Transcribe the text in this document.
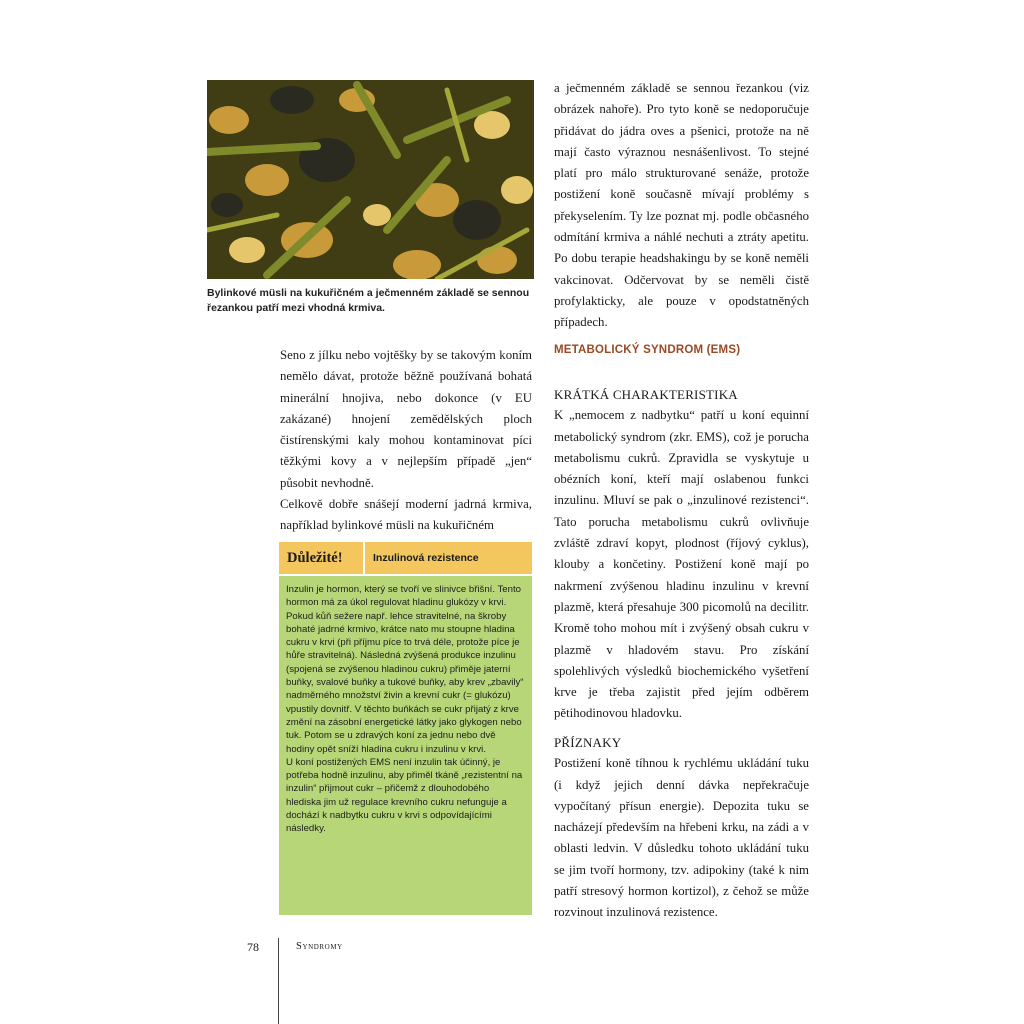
Bylinkové müsli na kukuřičném a ječmenném základě se sennou řezankou patří mezi vhodná krmiva.

Seno z jílku nebo vojtěšky by se takovým koním nemělo dávat, protože běžně používaná bohatá minerální hnojiva, nebo dokonce (v EU zakázané) hnojení zemědělských ploch čistírenskými kaly mohou kontaminovat píci těžkými kovy a v nejlepším případě „jen“ působit nevhodně.

Celkově dobře snášejí moderní jadrná krmiva, například bylinkové müsli na kukuřičném

Důležité!	Inzulinová rezistence

Inzulin je hormon, který se tvoří ve slinivce břišní. Tento hormon má za úkol regulovat hladinu glukózy v krvi. Pokud kůň sežere např. lehce stravitelné, na škroby bohaté jadrné krmivo, krátce nato mu stoupne hladina cukru v krvi (při příjmu píce to trvá déle, protože píce je hůře stravitelná). Následná zvýšená produkce inzulinu (spojená se zvýšenou hladinou cukru) přiměje jaterní buňky, svalové buňky a tukové buňky, aby krev „zbavily“ nadměrného množství živin a krevní cukr (= glukózu) vpustily dovnitř. V těchto buňkách se cukr přijatý z krve změní na zásobní energetické látky jako glykogen nebo tuk. Potom se u zdravých koní za jednu nebo dvě hodiny opět sníží hladina cukru i inzulinu v krvi.

U koní postižených EMS není inzulin tak účinný, je potřeba hodně inzulinu, aby přiměl tkáně „rezistentní na inzulin“ přijmout cukr – přičemž z dlouhodobého hlediska jim už regulace krevního cukru nefunguje a dochází k nadbytku cukru v krvi s odpovídajícími následky.

a ječmenném základě se sennou řezankou (viz obrázek nahoře). Pro tyto koně se nedoporučuje přidávat do jádra oves a pšenici, protože na ně mají často výraznou nesnášenlivost. To stejné platí pro málo strukturované senáže, protože postižení koně současně mívají problémy s překyselením. Ty lze poznat mj. podle občasného odmítání krmiva a náhlé nechuti a ztráty apetitu. Po dobu terapie headshakingu by se koně neměli vakcinovat. Odčervovat by se neměli čistě profylakticky, ale pouze v opodstatněných případech.

METABOLICKÝ SYNDROM (EMS)

KRÁTKÁ CHARAKTERISTIKA

K „nemocem z nadbytku“ patří u koní equinní metabolický syndrom (zkr. EMS), což je porucha metabolismu cukrů. Zpravidla se vyskytuje u obézních koní, kteří mají oslabenou funkci inzulinu. Mluví se pak o „inzulinové rezistenci“. Tato porucha metabolismu cukrů ovlivňuje zvláště zdraví kopyt, plodnost (říjový cyklus), klouby a končetiny. Postižení koně mají po nakrmení zvýšenou hladinu inzulinu v krevní plazmě, která přesahuje 300 picomolů na decilitr. Kromě toho mohou mít i zvýšený obsah cukru v plazmě v hladovém stavu. Pro získání spolehlivých výsledků biochemického vyšetření krve je třeba zajistit před jejím odběrem pětihodinovou hladovku.

PŘÍZNAKY

Postižení koně tíhnou k rychlému ukládání tuku (i když jejich denní dávka nepřekračuje vypočítaný přísun energie). Depozita tuku se nacházejí především na hřebeni krku, na zádi a v oblasti ledvin. V důsledku tohoto ukládání tuku se jim tvoří hormony, tzv. adipokiny (také k nim patří stresový hormon kortizol), z čehož se může rozvinout inzulinová rezistence.

78	Syndromy
